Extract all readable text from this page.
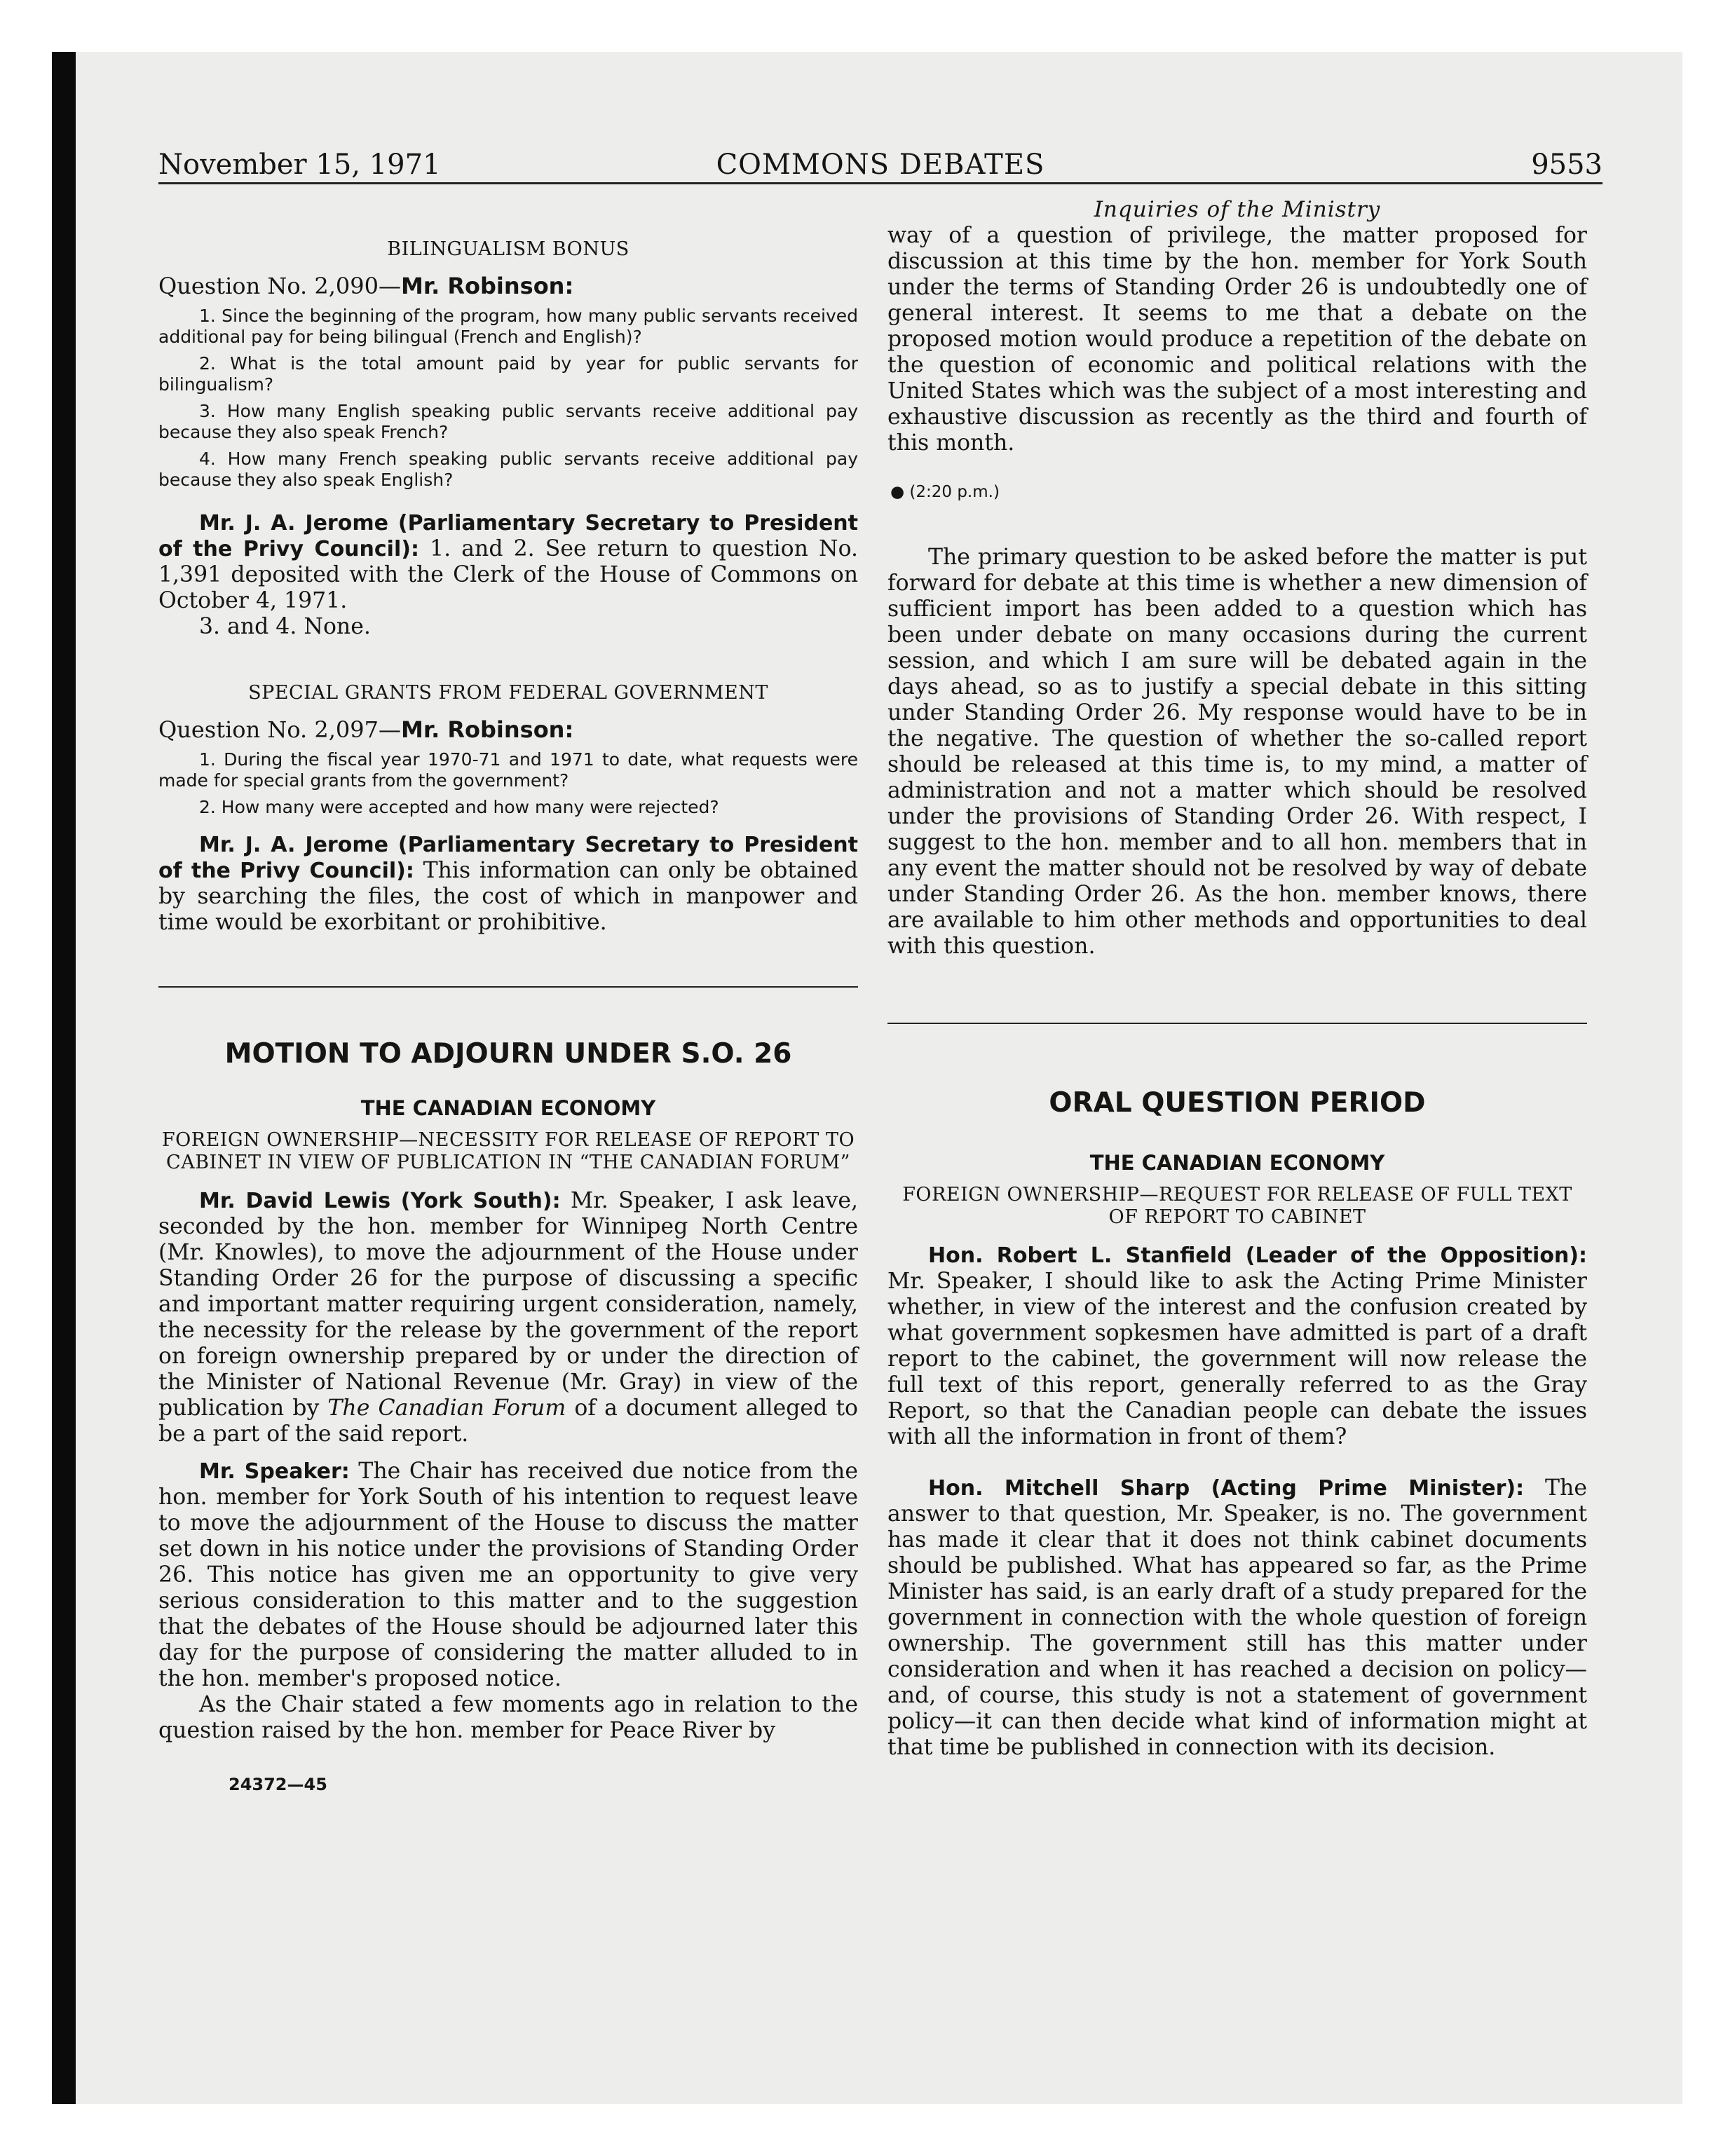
November 15, 1971	COMMONS DEBATES	9553

BILINGUALISM BONUS

Question No. 2,090—Mr. Robinson:

1. Since the beginning of the program, how many public servants received additional pay for being bilingual (French and English)?

2. What is the total amount paid by year for public servants for bilingualism?

3. How many English speaking public servants receive additional pay because they also speak French?

4. How many French speaking public servants receive additional pay because they also speak English?

Mr. J. A. Jerome (Parliamentary Secretary to President of the Privy Council): 1. and 2. See return to question No. 1,391 deposited with the Clerk of the House of Commons on October 4, 1971.

3. and 4. None.

SPECIAL GRANTS FROM FEDERAL GOVERNMENT

Question No. 2,097—Mr. Robinson:

1. During the fiscal year 1970-71 and 1971 to date, what requests were made for special grants from the government?

2. How many were accepted and how many were rejected?

Mr. J. A. Jerome (Parliamentary Secretary to President of the Privy Council): This information can only be obtained by searching the files, the cost of which in manpower and time would be exorbitant or prohibitive.

MOTION TO ADJOURN UNDER S.O. 26

THE CANADIAN ECONOMY

FOREIGN OWNERSHIP—NECESSITY FOR RELEASE OF REPORT TO CABINET IN VIEW OF PUBLICATION IN “THE CANADIAN FORUM”

Mr. David Lewis (York South): Mr. Speaker, I ask leave, seconded by the hon. member for Winnipeg North Centre (Mr. Knowles), to move the adjournment of the House under Standing Order 26 for the purpose of discussing a specific and important matter requiring urgent consideration, namely, the necessity for the release by the government of the report on foreign ownership prepared by or under the direction of the Minister of National Revenue (Mr. Gray) in view of the publication by The Canadian Forum of a document alleged to be a part of the said report.

Mr. Speaker: The Chair has received due notice from the hon. member for York South of his intention to request leave to move the adjournment of the House to discuss the matter set down in his notice under the provisions of Standing Order 26. This notice has given me an opportunity to give very serious consideration to this matter and to the suggestion that the debates of the House should be adjourned later this day for the purpose of considering the matter alluded to in the hon. member's proposed notice.

As the Chair stated a few moments ago in relation to the question raised by the hon. member for Peace River by

24372—45

Inquiries of the Ministry

way of a question of privilege, the matter proposed for discussion at this time by the hon. member for York South under the terms of Standing Order 26 is undoubtedly one of general interest. It seems to me that a debate on the proposed motion would produce a repetition of the debate on the question of economic and political relations with the United States which was the subject of a most interesting and exhaustive discussion as recently as the third and fourth of this month.

● (2:20 p.m.)

The primary question to be asked before the matter is put forward for debate at this time is whether a new dimension of sufficient import has been added to a question which has been under debate on many occasions during the current session, and which I am sure will be debated again in the days ahead, so as to justify a special debate in this sitting under Standing Order 26. My response would have to be in the negative. The question of whether the so-called report should be released at this time is, to my mind, a matter of administration and not a matter which should be resolved under the provisions of Standing Order 26. With respect, I suggest to the hon. member and to all hon. members that in any event the matter should not be resolved by way of debate under Standing Order 26. As the hon. member knows, there are available to him other methods and opportunities to deal with this question.

ORAL QUESTION PERIOD

THE CANADIAN ECONOMY

FOREIGN OWNERSHIP—REQUEST FOR RELEASE OF FULL TEXT OF REPORT TO CABINET

Hon. Robert L. Stanfield (Leader of the Opposition): Mr. Speaker, I should like to ask the Acting Prime Minister whether, in view of the interest and the confusion created by what government sopkesmen have admitted is part of a draft report to the cabinet, the government will now release the full text of this report, generally referred to as the Gray Report, so that the Canadian people can debate the issues with all the information in front of them?

Hon. Mitchell Sharp (Acting Prime Minister): The answer to that question, Mr. Speaker, is no. The government has made it clear that it does not think cabinet documents should be published. What has appeared so far, as the Prime Minister has said, is an early draft of a study prepared for the government in connection with the whole question of foreign ownership. The government still has this matter under consideration and when it has reached a decision on policy—and, of course, this study is not a statement of government policy—it can then decide what kind of information might at that time be published in connection with its decision.
